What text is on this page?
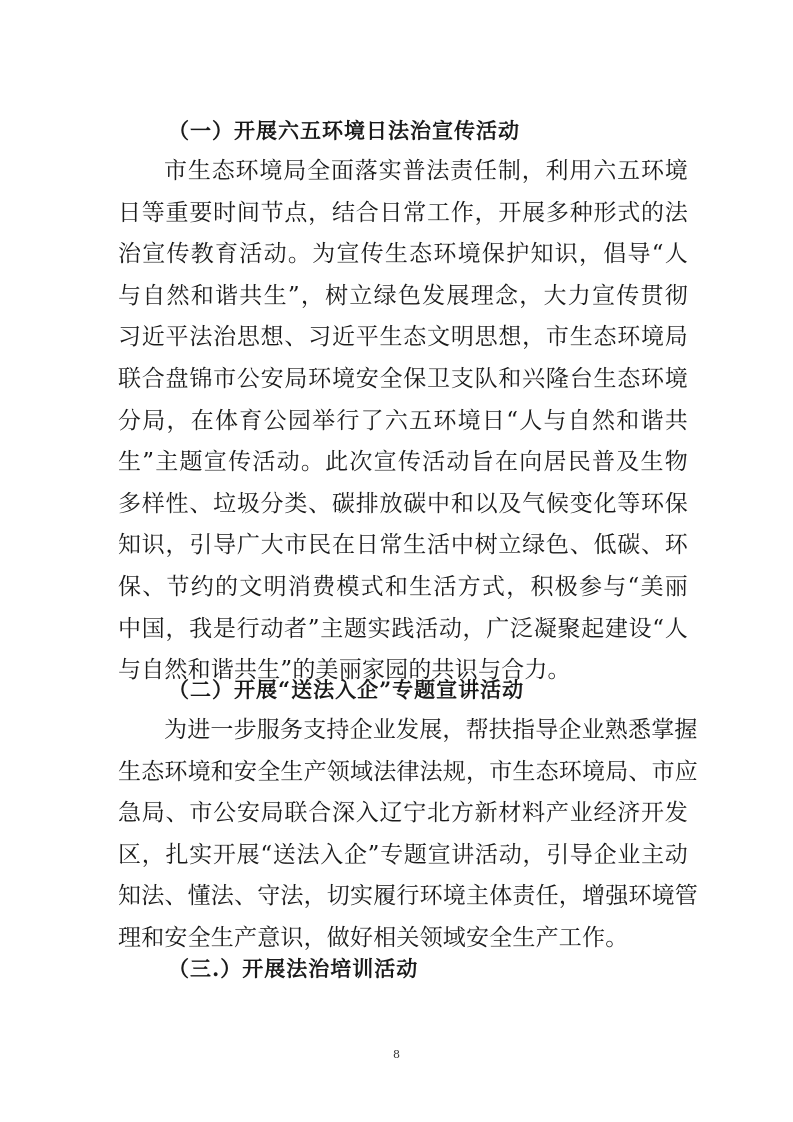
（一）开展六五环境日法治宣传活动
市生态环境局全面落实普法责任制，利用六五环境
日等重要时间节点，结合日常工作，开展多种形式的法
治宣传教育活动。为宣传生态环境保护知识，倡导“人
与自然和谐共生”，树立绿色发展理念，大力宣传贯彻
习近平法治思想、习近平生态文明思想，市生态环境局
联合盘锦市公安局环境安全保卫支队和兴隆台生态环境
分局，在体育公园举行了六五环境日“人与自然和谐共
生”主题宣传活动。此次宣传活动旨在向居民普及生物
多样性、垃圾分类、碳排放碳中和以及气候变化等环保
知识，引导广大市民在日常生活中树立绿色、低碳、环
保、节约的文明消费模式和生活方式，积极参与“美丽
中国，我是行动者”主题实践活动，广泛凝聚起建设“人
与自然和谐共生”的美丽家园的共识与合力。
（二）开展“送法入企”专题宣讲活动
为进一步服务支持企业发展，帮扶指导企业熟悉掌握
生态环境和安全生产领域法律法规，市生态环境局、市应
急局、市公安局联合深入辽宁北方新材料产业经济开发
区，扎实开展“送法入企”专题宣讲活动，引导企业主动
知法、懂法、守法，切实履行环境主体责任，增强环境管
理和安全生产意识，做好相关领域安全生产工作。
（三.）开展法治培训活动
8
